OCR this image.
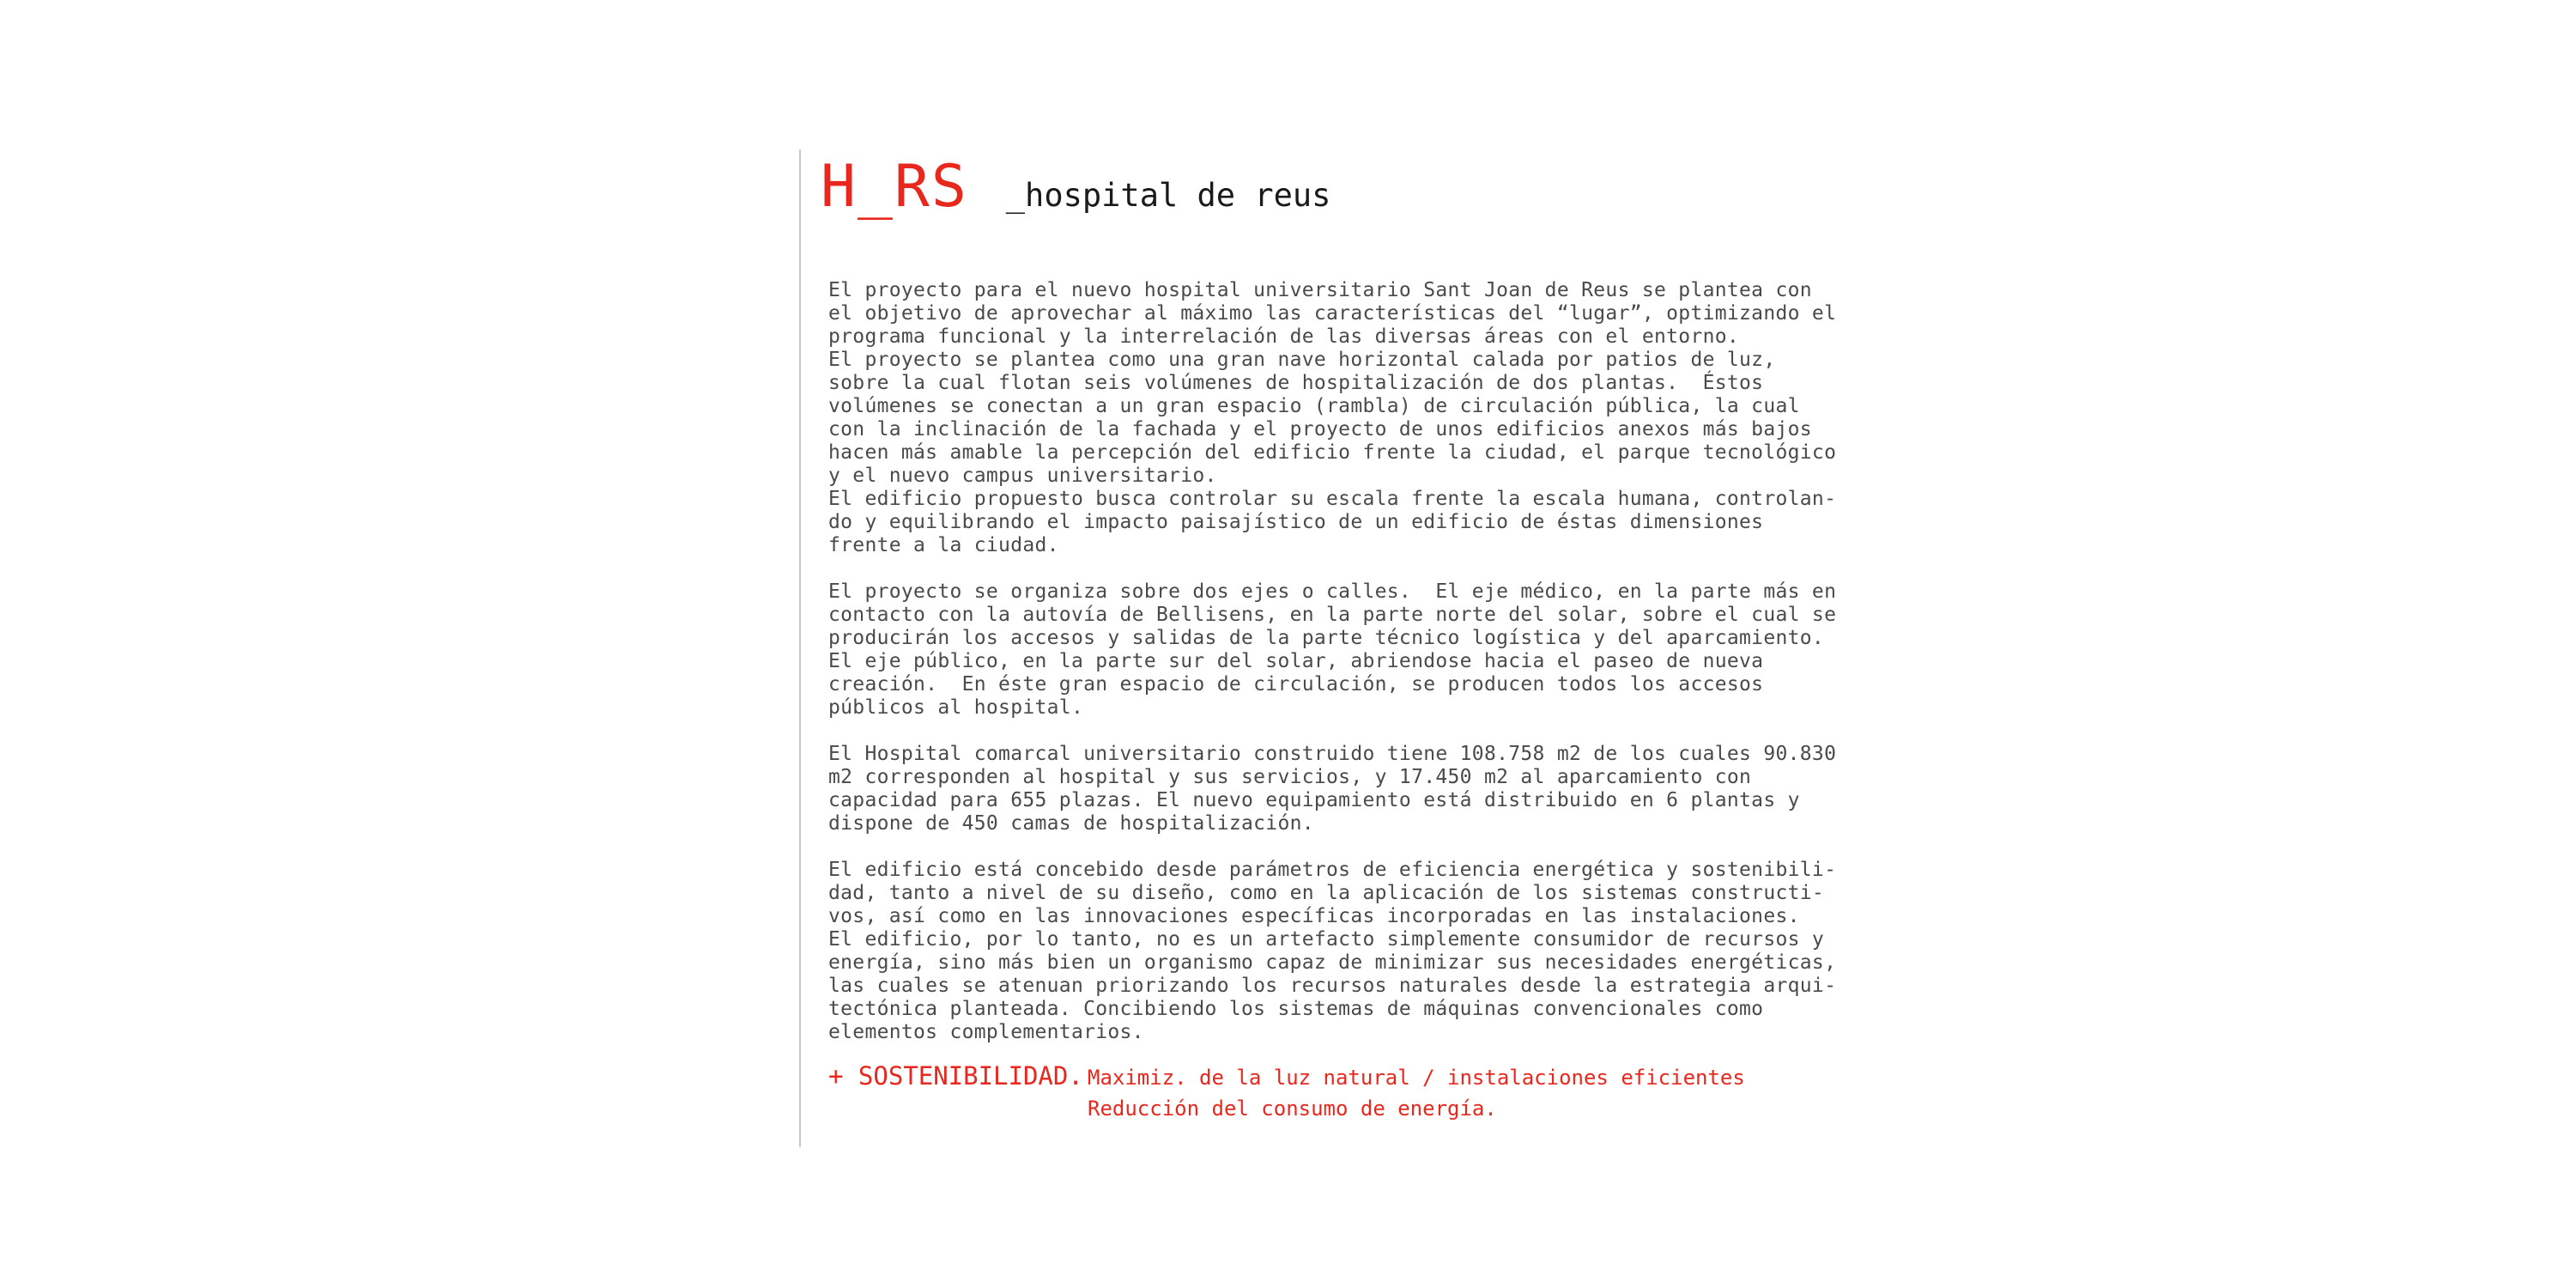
H_RS _hospital de reus
El proyecto para el nuevo hospital universitario Sant Joan de Reus se plantea con
el objetivo de aprovechar al máximo las características del “lugar”, optimizando el
programa funcional y la interrelación de las diversas áreas con el entorno.
El proyecto se plantea como una gran nave horizontal calada por patios de luz,
sobre la cual flotan seis volúmenes de hospitalización de dos plantas.  Éstos
volúmenes se conectan a un gran espacio (rambla) de circulación pública, la cual
con la inclinación de la fachada y el proyecto de unos edificios anexos más bajos
hacen más amable la percepción del edificio frente la ciudad, el parque tecnológico
y el nuevo campus universitario.
El edificio propuesto busca controlar su escala frente la escala humana, controlan-
do y equilibrando el impacto paisajístico de un edificio de éstas dimensiones
frente a la ciudad.
El proyecto se organiza sobre dos ejes o calles.  El eje médico, en la parte más en
contacto con la autovía de Bellisens, en la parte norte del solar, sobre el cual se
producirán los accesos y salidas de la parte técnico logística y del aparcamiento.
El eje público, en la parte sur del solar, abriendose hacia el paseo de nueva
creación.  En éste gran espacio de circulación, se producen todos los accesos
públicos al hospital.
El Hospital comarcal universitario construido tiene 108.758 m2 de los cuales 90.830
m2 corresponden al hospital y sus servicios, y 17.450 m2 al aparcamiento con
capacidad para 655 plazas. El nuevo equipamiento está distribuido en 6 plantas y
dispone de 450 camas de hospitalización.
El edificio está concebido desde parámetros de eficiencia energética y sostenibili-
dad, tanto a nivel de su diseño, como en la aplicación de los sistemas constructi-
vos, así como en las innovaciones específicas incorporadas en las instalaciones.
El edificio, por lo tanto, no es un artefacto simplemente consumidor de recursos y
energía, sino más bien un organismo capaz de minimizar sus necesidades energéticas,
las cuales se atenuan priorizando los recursos naturales desde la estrategia arqui-
tectónica planteada. Concibiendo los sistemas de máquinas convencionales como
elementos complementarios.
+ SOSTENIBILIDAD. Maximiz. de la luz natural / instalaciones eficientes
Reducción del consumo de energía.
